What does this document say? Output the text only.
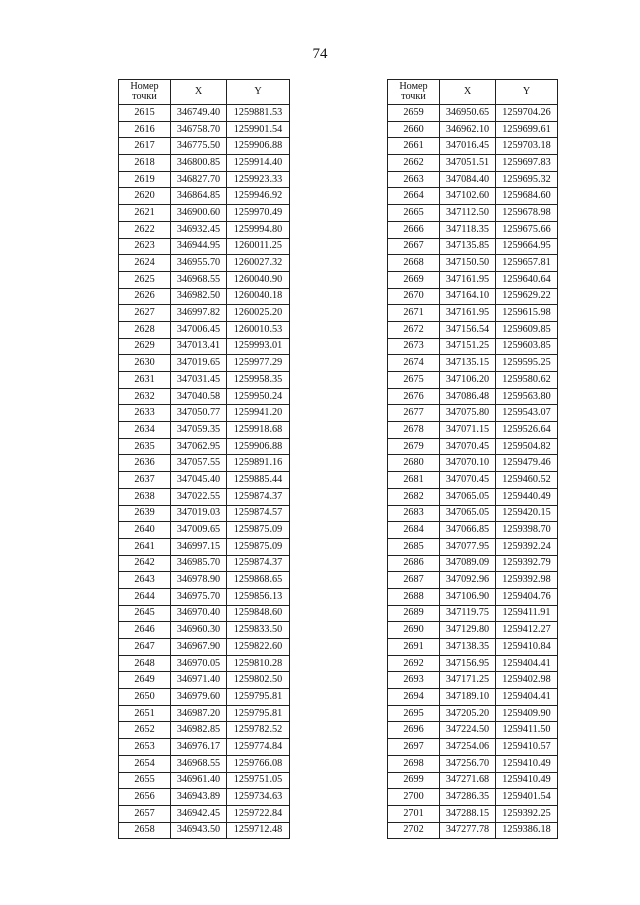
74
Номер
точки	X	Y
2615	346749.40	1259881.53
2616	346758.70	1259901.54
2617	346775.50	1259906.88
2618	346800.85	1259914.40
2619	346827.70	1259923.33
2620	346864.85	1259946.92
2621	346900.60	1259970.49
2622	346932.45	1259994.80
2623	346944.95	1260011.25
2624	346955.70	1260027.32
2625	346968.55	1260040.90
2626	346982.50	1260040.18
2627	346997.82	1260025.20
2628	347006.45	1260010.53
2629	347013.41	1259993.01
2630	347019.65	1259977.29
2631	347031.45	1259958.35
2632	347040.58	1259950.24
2633	347050.77	1259941.20
2634	347059.35	1259918.68
2635	347062.95	1259906.88
2636	347057.55	1259891.16
2637	347045.40	1259885.44
2638	347022.55	1259874.37
2639	347019.03	1259874.57
2640	347009.65	1259875.09
2641	346997.15	1259875.09
2642	346985.70	1259874.37
2643	346978.90	1259868.65
2644	346975.70	1259856.13
2645	346970.40	1259848.60
2646	346960.30	1259833.50
2647	346967.90	1259822.60
2648	346970.05	1259810.28
2649	346971.40	1259802.50
2650	346979.60	1259795.81
2651	346987.20	1259795.81
2652	346982.85	1259782.52
2653	346976.17	1259774.84
2654	346968.55	1259766.08
2655	346961.40	1259751.05
2656	346943.89	1259734.63
2657	346942.45	1259722.84
2658	346943.50	1259712.48
Номер
точки	X	Y
2659	346950.65	1259704.26
2660	346962.10	1259699.61
2661	347016.45	1259703.18
2662	347051.51	1259697.83
2663	347084.40	1259695.32
2664	347102.60	1259684.60
2665	347112.50	1259678.98
2666	347118.35	1259675.66
2667	347135.85	1259664.95
2668	347150.50	1259657.81
2669	347161.95	1259640.64
2670	347164.10	1259629.22
2671	347161.95	1259615.98
2672	347156.54	1259609.85
2673	347151.25	1259603.85
2674	347135.15	1259595.25
2675	347106.20	1259580.62
2676	347086.48	1259563.80
2677	347075.80	1259543.07
2678	347071.15	1259526.64
2679	347070.45	1259504.82
2680	347070.10	1259479.46
2681	347070.45	1259460.52
2682	347065.05	1259440.49
2683	347065.05	1259420.15
2684	347066.85	1259398.70
2685	347077.95	1259392.24
2686	347089.09	1259392.79
2687	347092.96	1259392.98
2688	347106.90	1259404.76
2689	347119.75	1259411.91
2690	347129.80	1259412.27
2691	347138.35	1259410.84
2692	347156.95	1259404.41
2693	347171.25	1259402.98
2694	347189.10	1259404.41
2695	347205.20	1259409.90
2696	347224.50	1259411.50
2697	347254.06	1259410.57
2698	347256.70	1259410.49
2699	347271.68	1259410.49
2700	347286.35	1259401.54
2701	347288.15	1259392.25
2702	347277.78	1259386.18
